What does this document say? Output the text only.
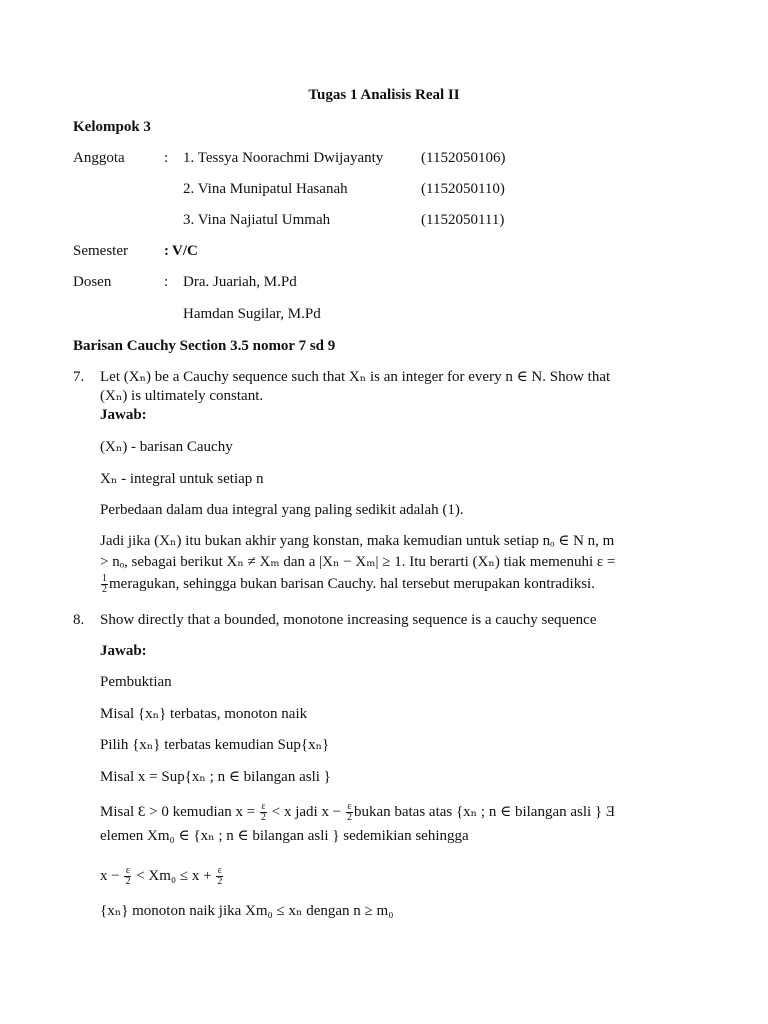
Tugas 1 Analisis Real II
Kelompok 3
Anggota	: 1. Tessya Noorachmi Dwijayanty	(1152050106)
2. Vina Munipatul Hasanah	(1152050110)
3. Vina Najiatul Ummah	(1152050111)
Semester : V/C
Dosen	: Dra. Juariah, M.Pd
Hamdan Sugilar, M.Pd
Barisan Cauchy Section 3.5 nomor 7 sd 9
7. Let (Xₙ) be a Cauchy sequence such that Xₙ is an integer for every n ∈ N. Show that
(Xₙ) is ultimately constant.
Jawab:
(Xₙ) - barisan Cauchy
Xₙ - integral untuk setiap n
Perbedaan dalam dua integral yang paling sedikit adalah (1).
Jadi jika (Xₙ) itu bukan akhir yang konstan, maka kemudian untuk setiap nₒ ∈ N n, m
> nₒ, sebagai berikut Xₙ ≠ Xₘ dan a |Xₙ − Xₘ| ≥ 1. Itu berarti (Xₙ) tiak memenuhi ε =
$\frac{1}{2}$ meragukan, sehingga bukan barisan Cauchy. hal tersebut merupakan kontradiksi.
8. Show directly that a bounded, monotone increasing sequence is a cauchy sequence
Jawab:
Pembuktian
Misal {xₙ} terbatas, monoton naik
Pilih {xₙ} terbatas kemudian Sup{xₙ}
Misal x = Sup{xₙ ; n ∈ bilangan asli }
Misal Ɛ > 0 kemudian $x = \frac{\varepsilon}{2} < x$ jadi $x - \frac{\varepsilon}{2}$ bukan batas atas {xₙ ; n ∈ bilangan asli } Ǝ
elemen Xm₀ ∈ {xₙ ; n ∈ bilangan asli } sedemikian sehingga
$x - \frac{\varepsilon}{2} < Xm_0 \le x + \frac{\varepsilon}{2}$
{xₙ} monoton naik jika Xm₀ ≤ xₙ dengan n ≥ m₀
